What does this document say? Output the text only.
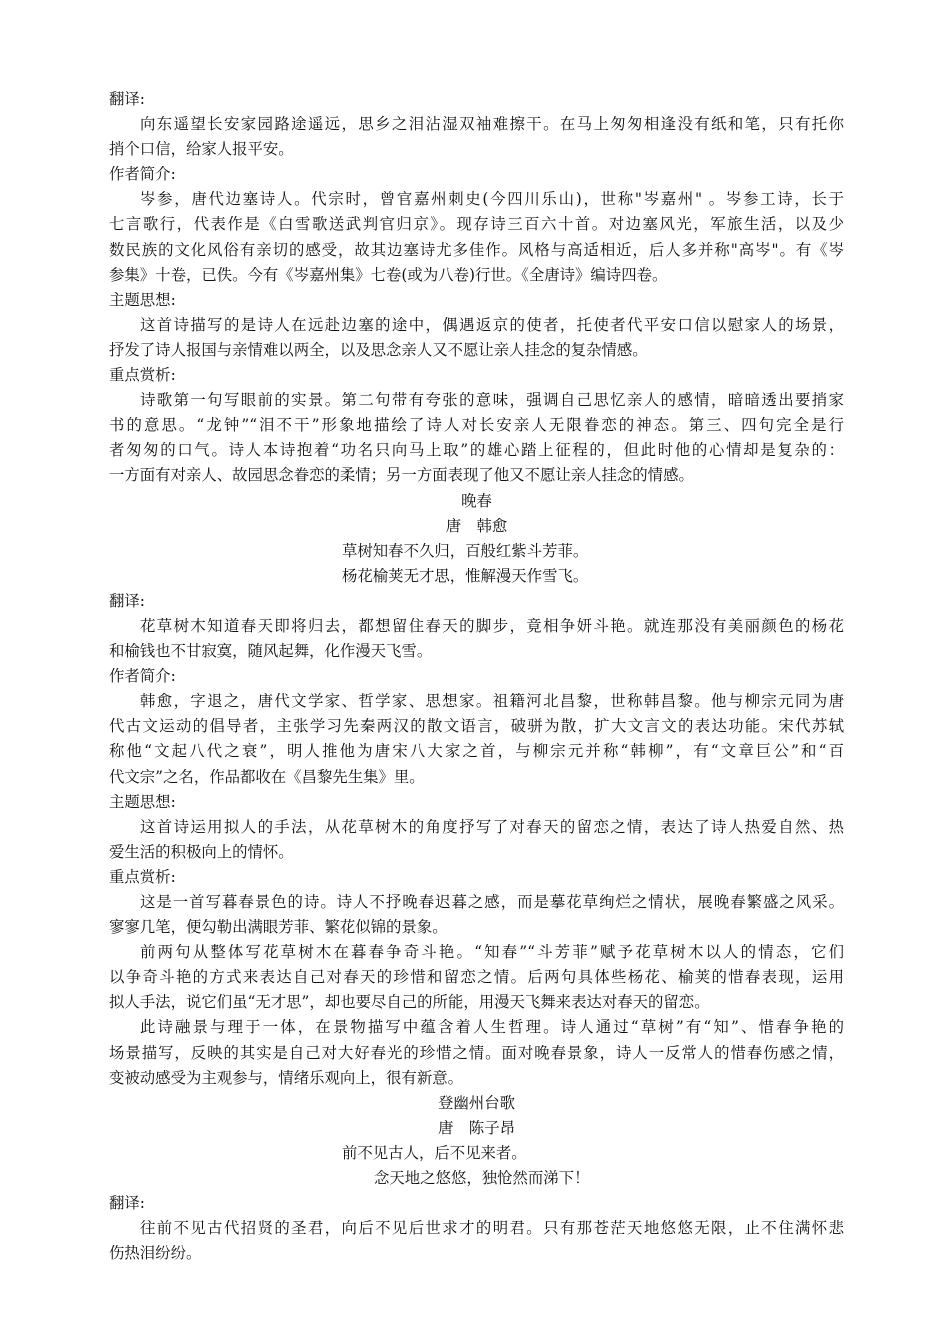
翻译:
向东遥望长安家园路途遥远，思乡之泪沾湿双袖难擦干。在马上匆匆相逢没有纸和笔，只有托你
捎个口信，给家人报平安。
作者简介:
岑参，唐代边塞诗人。代宗时，曾官嘉州刺史(今四川乐山)，世称"岑嘉州" 。岑参工诗，长于
七言歌行，代表作是《白雪歌送武判官归京》。现存诗三百六十首。对边塞风光，军旅生活，以及少
数民族的文化风俗有亲切的感受，故其边塞诗尤多佳作。风格与高适相近，后人多并称"高岑"。有《岑
参集》十卷，已佚。今有《岑嘉州集》七卷(或为八卷)行世。《全唐诗》编诗四卷。
主题思想:
这首诗描写的是诗人在远赴边塞的途中，偶遇返京的使者，托使者代平安口信以慰家人的场景，
抒发了诗人报国与亲情难以两全，以及思念亲人又不愿让亲人挂念的复杂情感。
重点赏析:
诗歌第一句写眼前的实景。第二句带有夸张的意味，强调自己思忆亲人的感情，暗暗透出要捎家
书的意思。“龙钟”“泪不干”形象地描绘了诗人对长安亲人无限眷恋的神态。第三、四句完全是行
者匆匆的口气。诗人本诗抱着“功名只向马上取”的雄心踏上征程的，但此时他的心情却是复杂的：
一方面有对亲人、故园思念眷恋的柔情；另一方面表现了他又不愿让亲人挂念的情感。
晚春
唐　韩愈
草树知春不久归，百般红紫斗芳菲。
杨花榆荚无才思，惟解漫天作雪飞。
翻译:
花草树木知道春天即将归去，都想留住春天的脚步，竟相争妍斗艳。就连那没有美丽颜色的杨花
和榆钱也不甘寂寞，随风起舞，化作漫天飞雪。
作者简介:
韩愈，字退之，唐代文学家、哲学家、思想家。祖籍河北昌黎，世称韩昌黎。他与柳宗元同为唐
代古文运动的倡导者，主张学习先秦两汉的散文语言，破骈为散，扩大文言文的表达功能。宋代苏轼
称他“文起八代之衰”，明人推他为唐宋八大家之首，与柳宗元并称“韩柳”，有“文章巨公”和“百
代文宗”之名，作品都收在《昌黎先生集》里。
主题思想:
这首诗运用拟人的手法，从花草树木的角度抒写了对春天的留恋之情，表达了诗人热爱自然、热
爱生活的积极向上的情怀。
重点赏析:
这是一首写暮春景色的诗。诗人不抒晚春迟暮之感，而是摹花草绚烂之情状，展晚春繁盛之风采。
寥寥几笔，便勾勒出满眼芳菲、繁花似锦的景象。
前两句从整体写花草树木在暮春争奇斗艳。“知春”“斗芳菲”赋予花草树木以人的情态，它们
以争奇斗艳的方式来表达自己对春天的珍惜和留恋之情。后两句具体些杨花、榆荚的惜春表现，运用
拟人手法，说它们虽“无才思”，却也要尽自己的所能，用漫天飞舞来表达对春天的留恋。
此诗融景与理于一体，在景物描写中蕴含着人生哲理。诗人通过“草树”有“知”、惜春争艳的
场景描写，反映的其实是自己对大好春光的珍惜之情。面对晚春景象，诗人一反常人的惜春伤感之情，
变被动感受为主观参与，情绪乐观向上，很有新意。
登幽州台歌
唐　陈子昂
前不见古人，后不见来者。
念天地之悠悠，独怆然而涕下！
翻译:
往前不见古代招贤的圣君，向后不见后世求才的明君。只有那苍茫天地悠悠无限，止不住满怀悲
伤热泪纷纷。
